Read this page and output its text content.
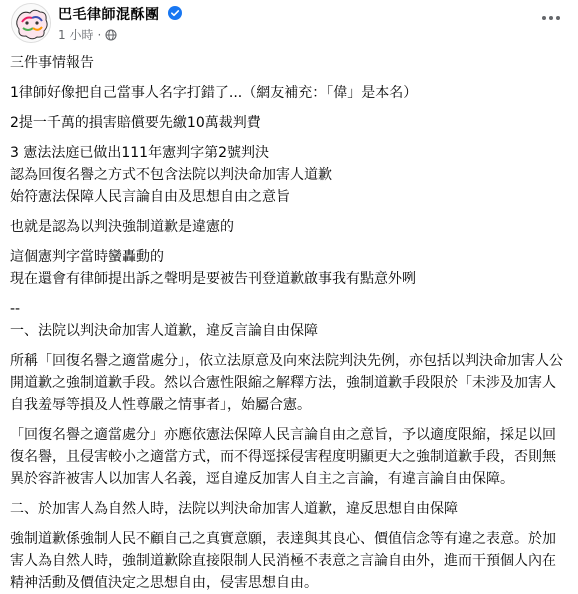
巴毛律師混酥團
1 小時 ·

三件事情報告

1律師好像把自己當事人名字打錯了...（網友補充：「偉」是本名）

2提一千萬的損害賠償要先繳10萬裁判費

3 憲法法庭已做出111年憲判字第2號判決

認為回復名譽之方式不包含法院以判決命加害人道歉

始符憲法保障人民言論自由及思想自由之意旨

也就是認為以判決強制道歉是違憲的

這個憲判字當時蠻轟動的

現在還會有律師提出訴之聲明是要被告刊登道歉啟事我有點意外咧

--

一、法院以判決命加害人道歉，違反言論自由保障

所稱「回復名譽之適當處分」，依立法原意及向來法院判決先例，亦包括以判決命加害人公開道歉之強制道歉手段。然以合憲性限縮之解釋方法，強制道歉手段限於「未涉及加害人自我羞辱等損及人性尊嚴之情事者」，始屬合憲。

「回復名譽之適當處分」亦應依憲法保障人民言論自由之意旨，予以適度限縮，採足以回復名譽，且侵害較小之適當方式，而不得逕採侵害程度明顯更大之強制道歉手段，否則無異於容許被害人以加害人名義，逕自違反加害人自主之言論，有違言論自由保障。

二、於加害人為自然人時，法院以判決命加害人道歉，違反思想自由保障

強制道歉係強制人民不顧自己之真實意願，表達與其良心、價值信念等有違之表意。於加害人為自然人時，強制道歉除直接限制人民消極不表意之言論自由外，進而干預個人內在精神活動及價值決定之思想自由，侵害思想自由。
